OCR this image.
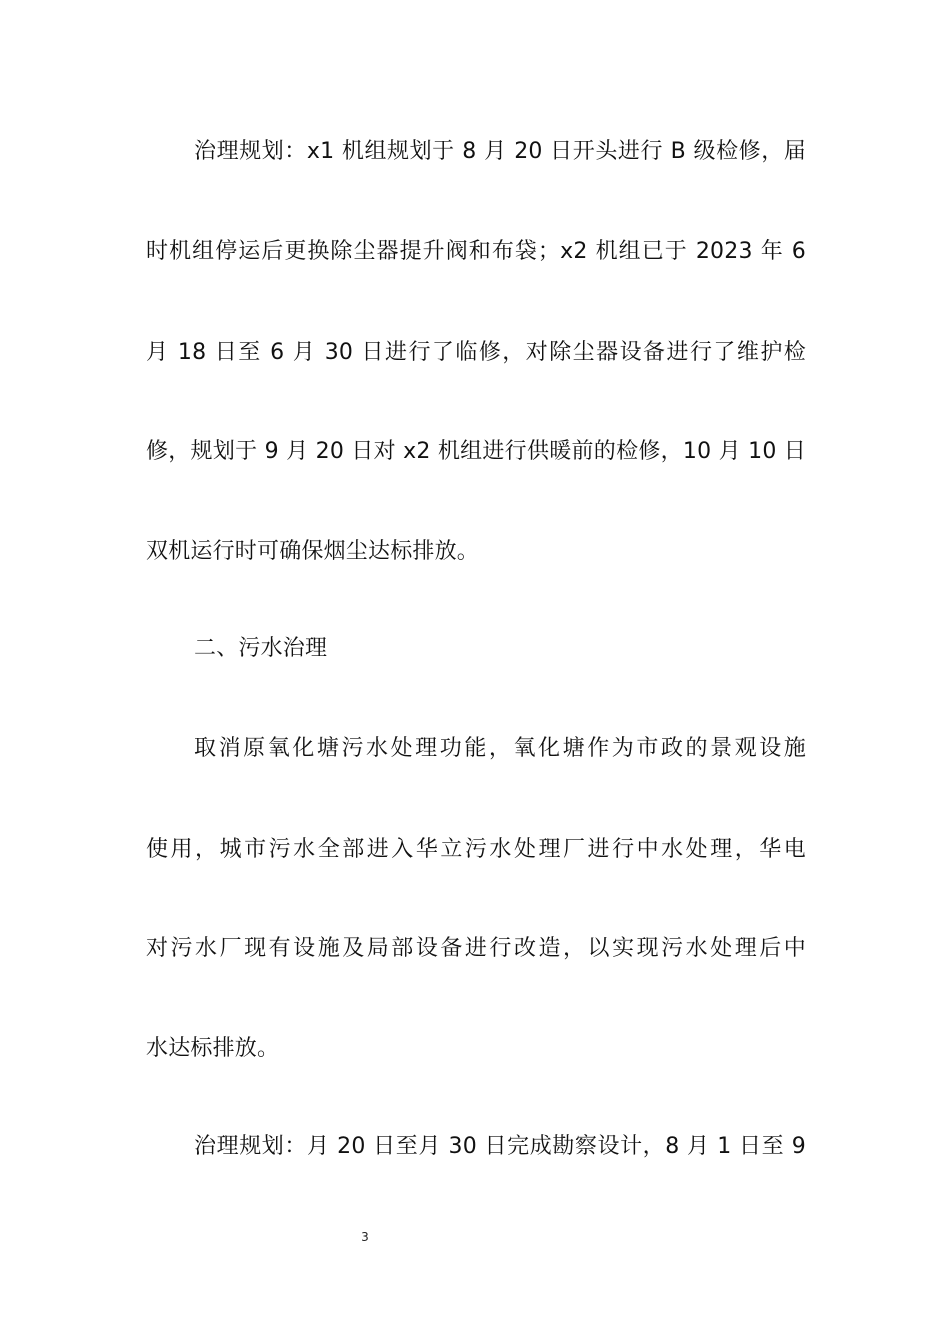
治理规划：x1 机组规划于 8 月 20 日开头进行 B 级检修，届
时机组停运后更换除尘器提升阀和布袋；x2 机组已于 2023 年 6
月 18 日至 6 月 30 日进行了临修，对除尘器设备进行了维护检
修，规划于 9 月 20 日对 x2 机组进行供暖前的检修，10 月 10 日
双机运行时可确保烟尘达标排放。
二、污水治理
取消原氧化塘污水处理功能，氧化塘作为市政的景观设施
使用，城市污水全部进入华立污水处理厂进行中水处理，华电
对污水厂现有设施及局部设备进行改造，以实现污水处理后中
水达标排放。
治理规划：月 20 日至月 30 日完成勘察设计，8 月 1 日至 9
3
